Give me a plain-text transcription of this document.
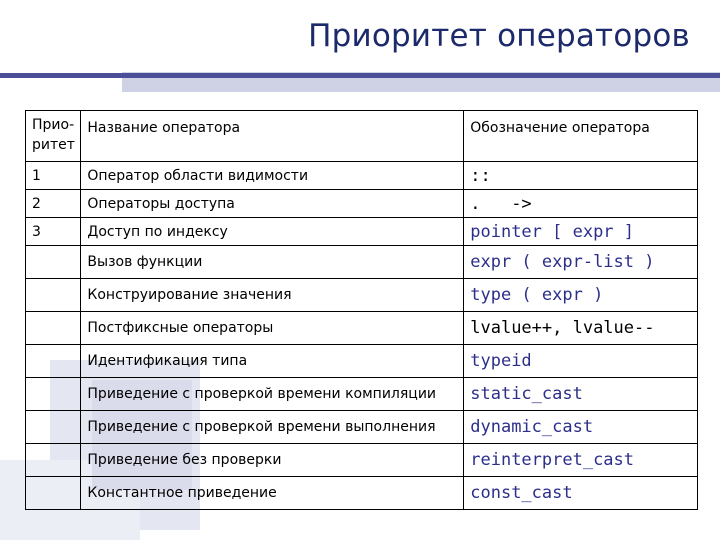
Приоритет операторов
Прио-
ритет	Название оператора	Обозначение оператора
1	Оператор области видимости	::
2	Операторы доступа	.   ->
3	Доступ по индексу	pointer [ expr ]
	Вызов функции	expr ( expr-list )
	Конструирование значения	type ( expr )
	Постфиксные операторы	lvalue++, lvalue--
	Идентификация типа	typeid
	Приведение с проверкой времени компиляции	static_cast
	Приведение с проверкой времени выполнения	dynamic_cast
	Приведение без проверки	reinterpret_cast
	Константное приведение	const_cast
